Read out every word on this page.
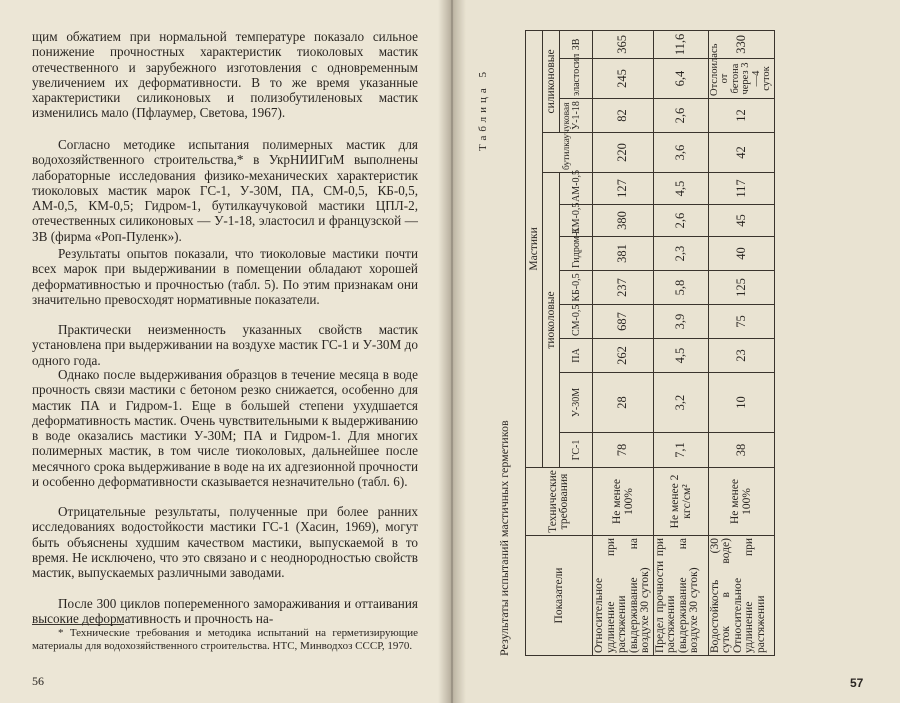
щим обжатием при нормальной температуре показало сильное понижение прочностных характеристик тиоколовых мастик отечественного и зарубежного изготовления с одновременным увеличением их деформативности. В то же время указанные характеристики силиконовых и полизобутиленовых мастик изменились мало (Пфлаумер, Светова, 1967).

Согласно методике испытания полимерных мастик для водохозяйственного строительства,* в УкрНИИГиМ выполнены лабораторные исследования физико-механических характеристик тиоколовых мастик марок ГС-1, У-30М, ПА, СМ-0,5, КБ-0,5, АМ-0,5, КМ-0,5; Гидром-1, бутилкаучуковой мастики ЦПЛ-2, отечественных силиконовых — У-1-18, эластосил и французской — ЗВ (фирма «Роп-Пуленк»).

Результаты опытов показали, что тиоколовые мастики почти всех марок при выдерживании в помещении обладают хорошей деформативностью и прочностью (табл. 5). По этим признакам они значительно превосходят нормативные показатели.

Практически неизменность указанных свойств мастик установлена при выдерживании на воздухе мастик ГС-1 и У-30М до одного года.

Однако после выдерживания образцов в течение месяца в воде прочность связи мастики с бетоном резко снижается, особенно для мастик ПА и Гидром-1. Еще в большей степени ухудшается деформативность мастик. Очень чувствительными к выдерживанию в воде оказались мастики У-30М; ПА и Гидром-1. Для многих полимерных мастик, в том числе тиоколовых, дальнейшее после месячного срока выдерживание в воде на их адгезионной прочности и особенно деформативности сказывается незначительно (табл. 6).

Отрицательные результаты, полученные при более ранних исследованиях водостойкости мастики ГС-1 (Хасин, 1969), могут быть объяснены худшим качеством мастики, выпускаемой в то время. Не исключено, что это связано и с неоднородностью свойств мастик, выпускаемых различными заводами.

После 300 циклов попеременного замораживания и оттаивания высокие деформативность и прочность на-

* Технические требования и методика испытаний на герметизирующие материалы для водохозяйственного строительства. НТС, Минводхоз СССР, 1970.

56	57
Таблица 5
Результаты испытаний мастичных герметиков	Показатели	Технические требования	Мастики											
		тиоколовые								бутилкаучуковая	силиконовые		
		ГС-1	У-30М	ПА	СМ-0,5	КБ-0,5	Гидром-1	КМ-0,5	АМ-0,5		У-1-18	эластосил	ЗВ
Относительное удлинение при растяжении (выдерживание на воздухе 30 суток)	Не менее 100%	78	28	262	687	237	381	380	127	220	82	245	365
Предел прочности при растяжении (выдерживание на воздухе 30 суток)	Не менее 2 кгс/см²	7,1	3,2	4,5	3,9	5,8	2,3	2,6	4,5	3,6	2,6	6,4	11,6
Водостойкость (30 суток в воде) Относительное удлинение при растяжении	Не менее 100%	38	10	23	75	125	40	45	117	42	12	Отслоилась от бетона через 3—4 суток	330
